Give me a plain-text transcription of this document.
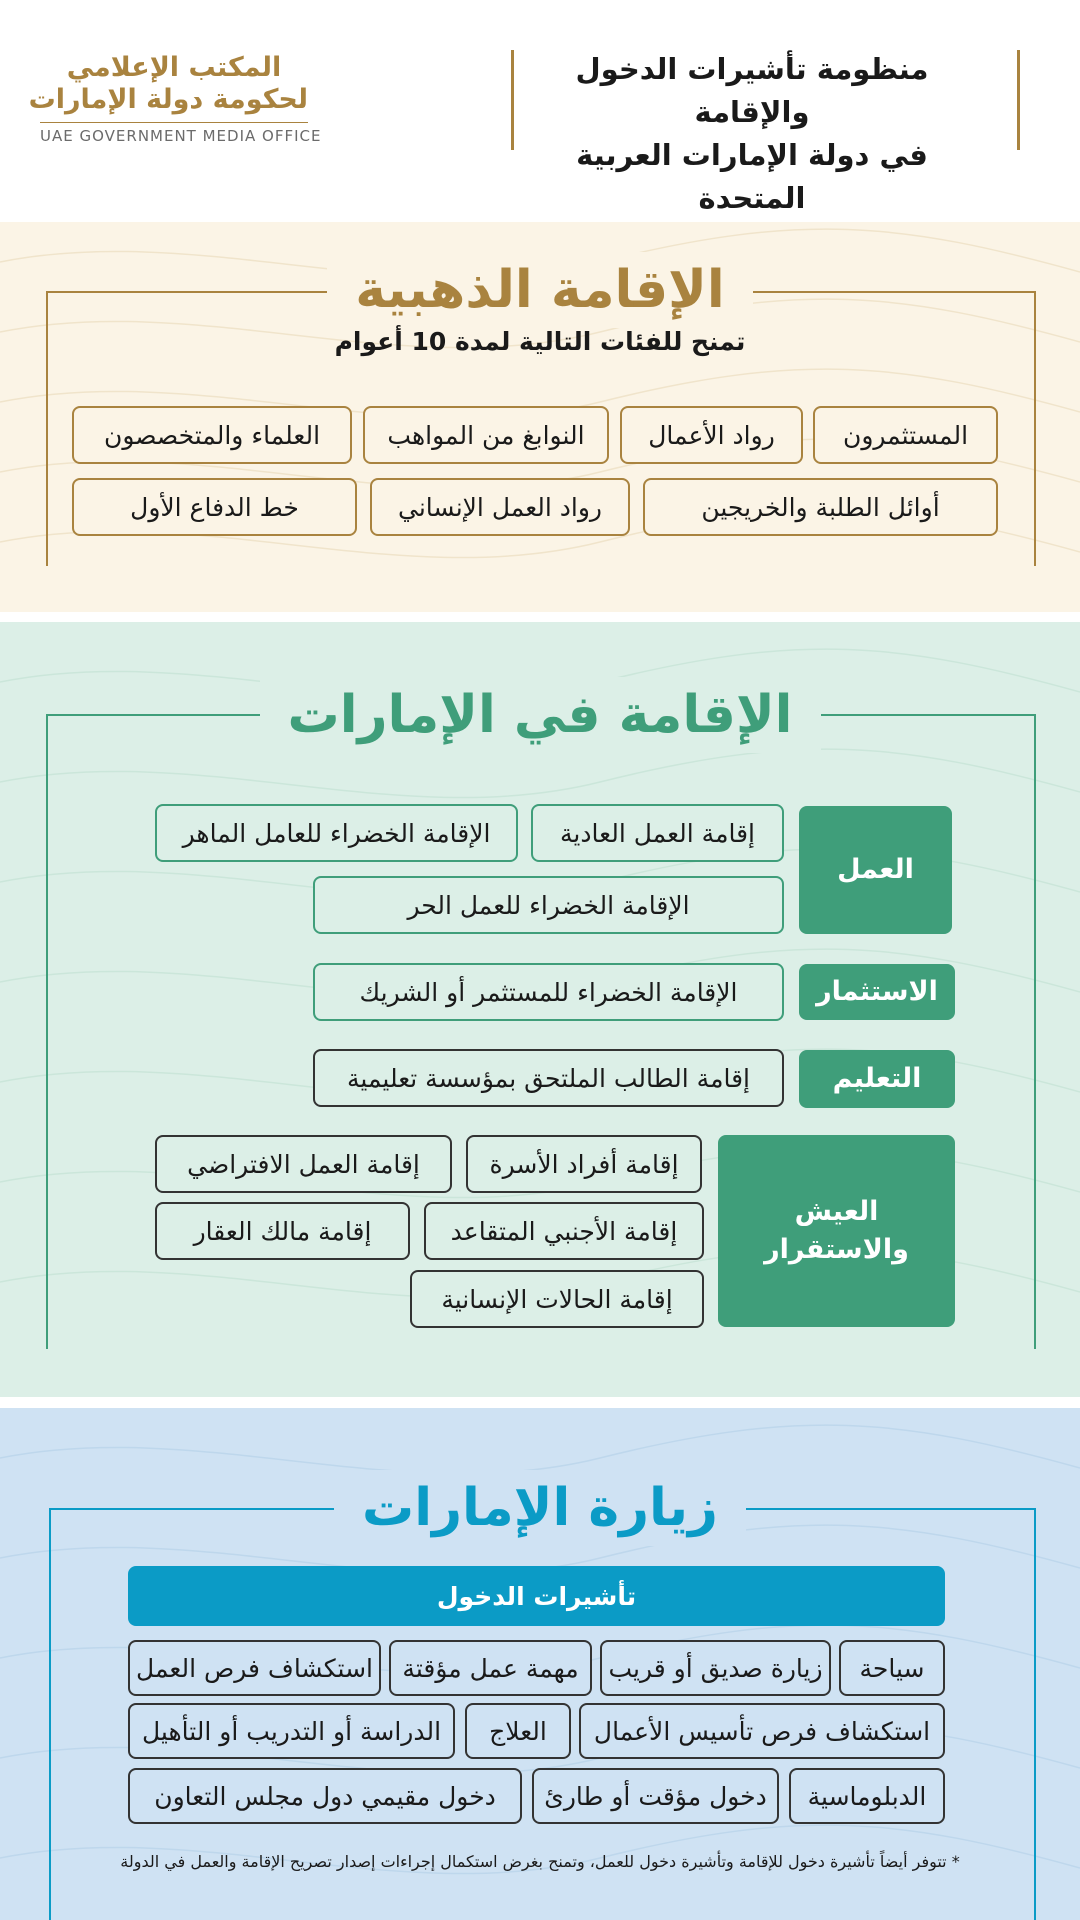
منظومة تأشيرات الدخول والإقامة
في دولة الإمارات العربية المتحدة
المكتب الإعلامي
لحكومة دولة الإمارات
UAE GOVERNMENT MEDIA OFFICE
الإقامة الذهبية
تمنح للفئات التالية لمدة 10 أعوام
المستثمرون
رواد الأعمال
النوابغ من المواهب
العلماء والمتخصصون
أوائل الطلبة والخريجين
رواد العمل الإنساني
خط الدفاع الأول
الإقامة في الإمارات
العمل
إقامة العمل العادية
الإقامة الخضراء للعامل الماهر
الإقامة الخضراء للعمل الحر
الاستثمار
الإقامة الخضراء للمستثمر أو الشريك
التعليم
إقامة الطالب الملتحق بمؤسسة تعليمية
العيش
والاستقرار
إقامة أفراد الأسرة
إقامة العمل الافتراضي
إقامة الأجنبي المتقاعد
إقامة مالك العقار
إقامة الحالات الإنسانية
زيارة الإمارات
تأشيرات الدخول
سياحة
زيارة صديق أو قريب
مهمة عمل مؤقتة
استكشاف فرص العمل
استكشاف فرص تأسيس الأعمال
العلاج
الدراسة أو التدريب أو التأهيل
الدبلوماسية
دخول مؤقت أو طارئ
دخول مقيمي دول مجلس التعاون
* تتوفر أيضاً تأشيرة دخول للإقامة وتأشيرة دخول للعمل، وتمنح بغرض استكمال إجراءات إصدار تصريح الإقامة والعمل في الدولة
